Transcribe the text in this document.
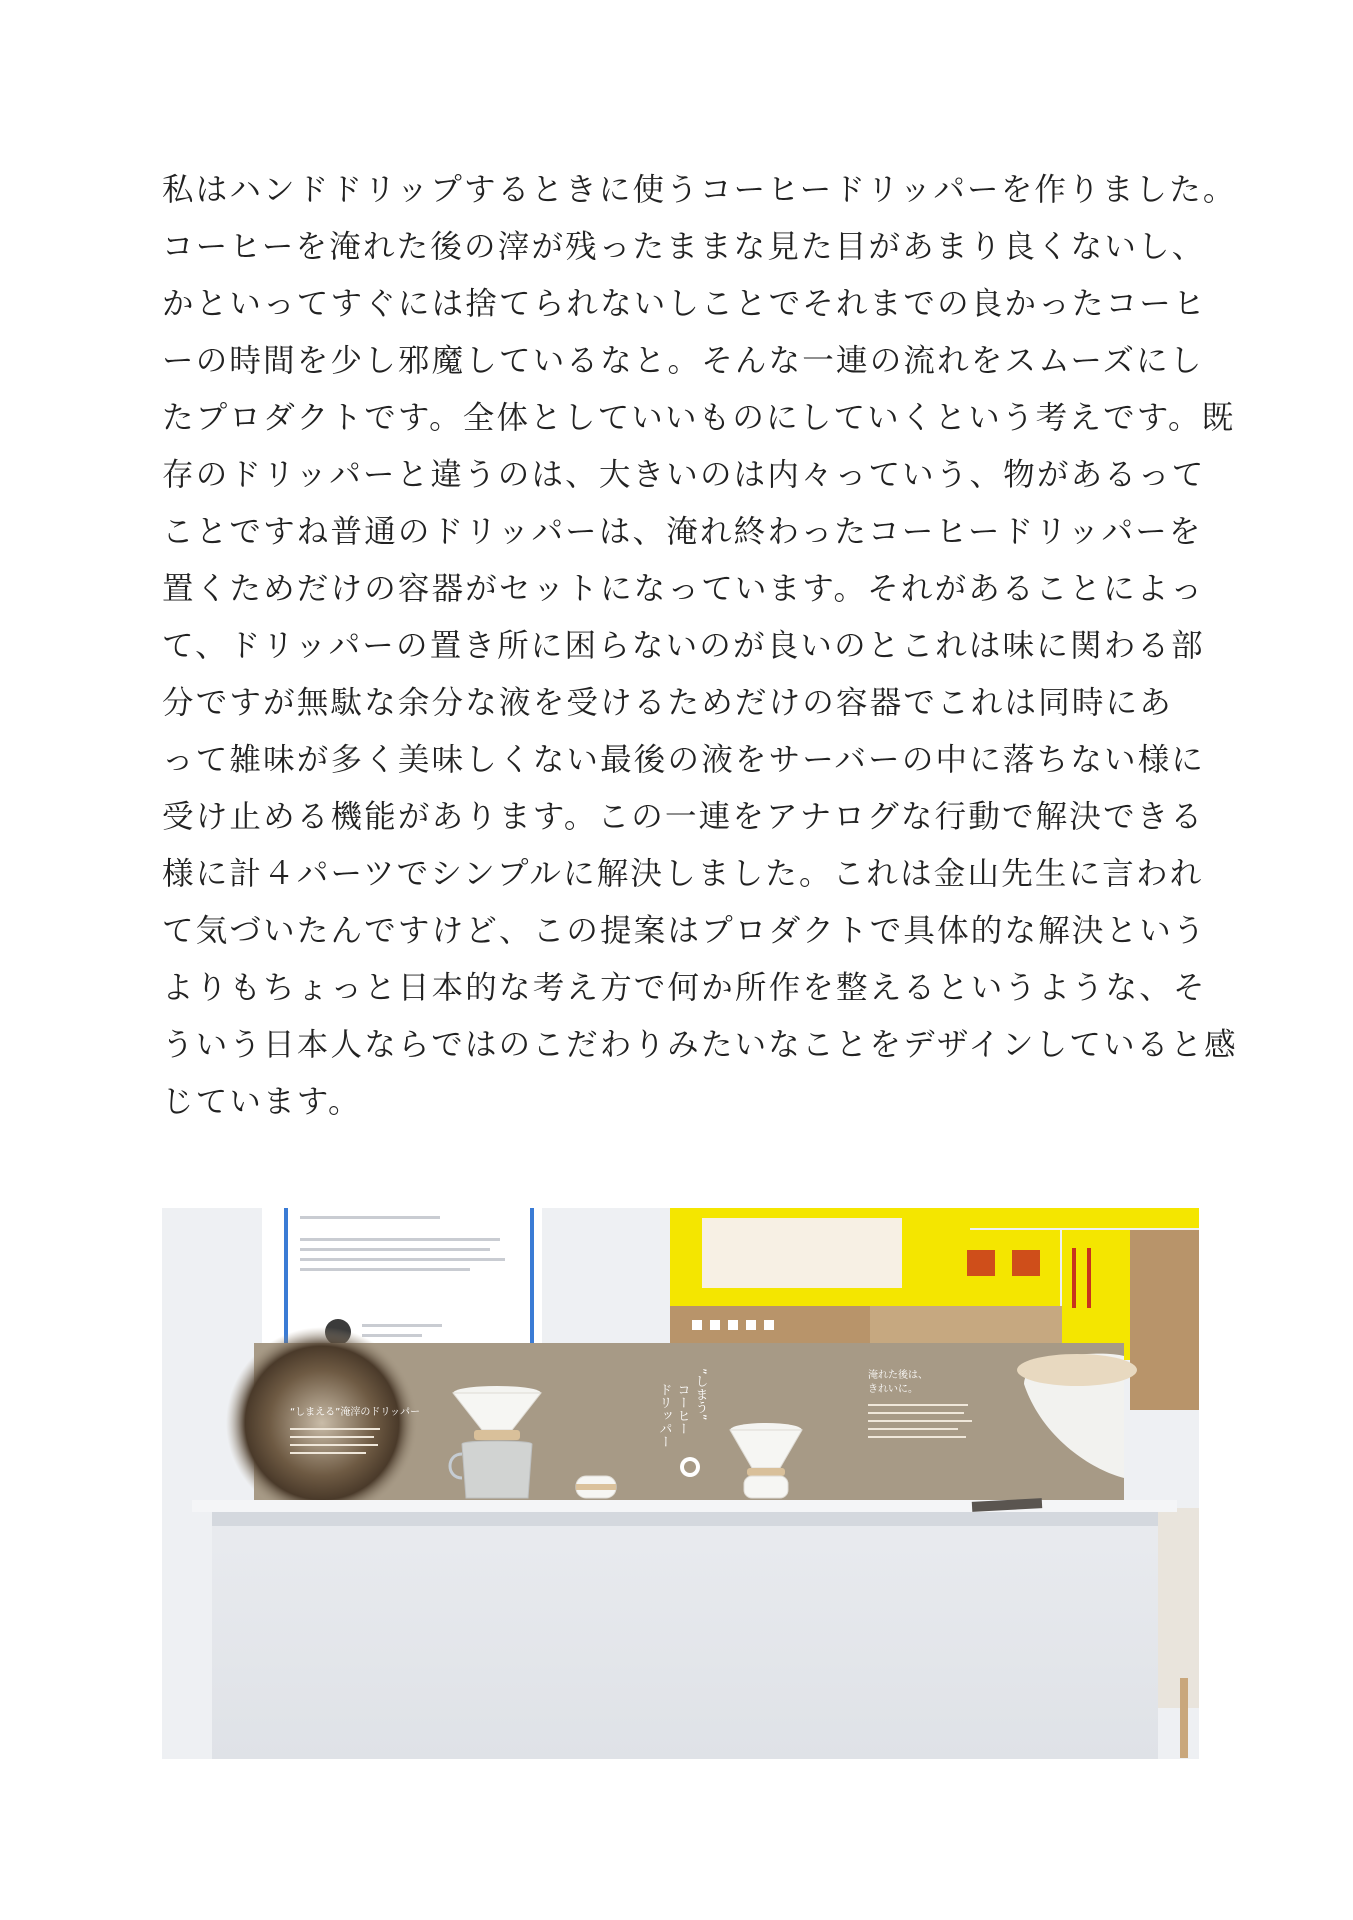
私はハンドドリップするときに使うコーヒードリッパーを作りました。
コーヒーを淹れた後の滓が残ったままな見た目があまり良くないし、
かといってすぐには捨てられないしことでそれまでの良かったコーヒ
ーの時間を少し邪魔しているなと。そんな一連の流れをスムーズにし
たプロダクトです。全体としていいものにしていくという考えです。既
存のドリッパーと違うのは、大きいのは内々っていう、物があるって
ことですね普通のドリッパーは、淹れ終わったコーヒードリッパーを
置くためだけの容器がセットになっています。それがあることによっ
て、ドリッパーの置き所に困らないのが良いのとこれは味に関わる部
分ですが無駄な余分な液を受けるためだけの容器でこれは同時にあ
って雑味が多く美味しくない最後の液をサーバーの中に落ちない様に
受け止める機能があります。この一連をアナログな行動で解決できる
様に計４パーツでシンプルに解決しました。これは金山先生に言われ
て気づいたんですけど、この提案はプロダクトで具体的な解決という
よりもちょっと日本的な考え方で何か所作を整えるというような、そ
ういう日本人ならではのこだわりみたいなことをデザインしていると感
じています。
“しまえる”淹滓のドリッパー	”しまう”
コーヒー
ドリッパー
淹れた後は、
きれいに。
